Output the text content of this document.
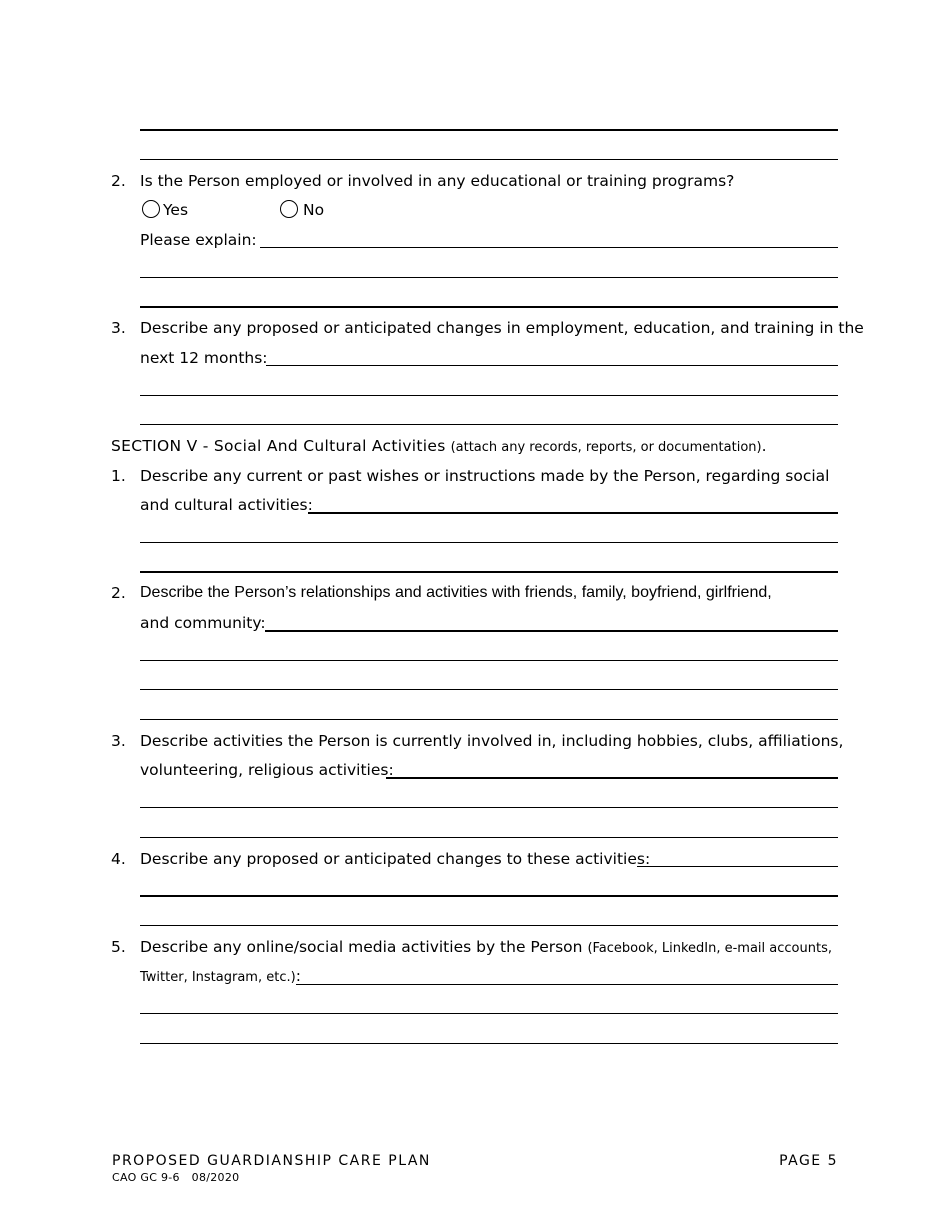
2. Is the Person employed or involved in any educational or training programs?
Yes	No
Please explain:
3. Describe any proposed or anticipated changes in employment, education, and training in the
next 12 months:
SECTION V - Social And Cultural Activities (attach any records, reports, or documentation).
1. Describe any current or past wishes or instructions made by the Person, regarding social
and cultural activities:
2. Describe the Person’s relationships and activities with friends, family, boyfriend, girlfriend,
and community:
3. Describe activities the Person is currently involved in, including hobbies, clubs, affiliations,
volunteering, religious activities:
4. Describe any proposed or anticipated changes to these activities:
5. Describe any online/social media activities by the Person (Facebook, LinkedIn, e-mail accounts,
Twitter, Instagram, etc.):
PROPOSED GUARDIANSHIP CARE PLAN
CAO GC 9-6 08/2020
PAGE 5
